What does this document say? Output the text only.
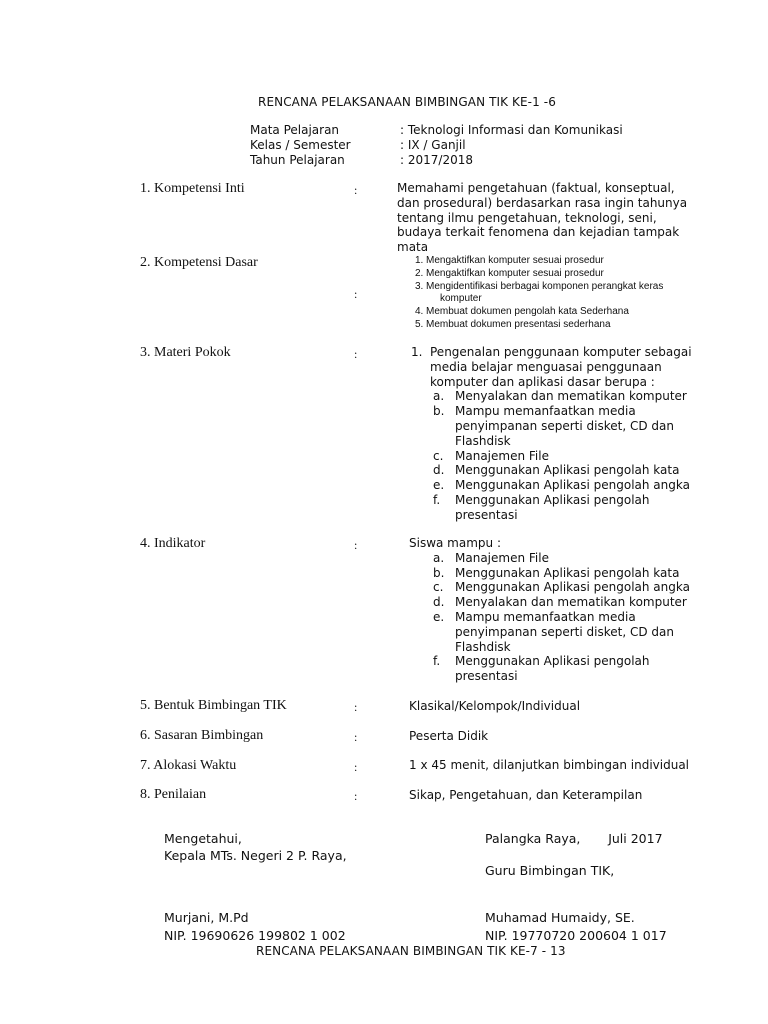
RENCANA PELAKSANAAN BIMBINGAN TIK KE-1 -6
Mata Pelajaran	: Teknologi Informasi dan Komunikasi
Kelas / Semester	: IX / Ganjil
Tahun Pelajaran	: 2017/2018
1. Kompetensi Inti	:	Memahami pengetahuan (faktual, konseptual,
dan prosedural) berdasarkan rasa ingin tahunya
tentang ilmu pengetahuan, teknologi, seni,
budaya terkait fenomena dan kejadian tampak
mata
2. Kompetensi Dasar
:
1. Mengaktifkan komputer sesuai prosedur
2. Mengaktifkan komputer sesuai prosedur
3. Mengidentifikasi berbagai komponen perangkat keras
komputer
4. Membuat dokumen pengolah kata Sederhana
5. Membuat dokumen presentasi sederhana
3. Materi Pokok	:	1. Pengenalan penggunaan komputer sebagai
media belajar menguasai penggunaan
komputer dan aplikasi dasar berupa :
a. Menyalakan dan mematikan komputer
b. Mampu memanfaatkan media
penyimpanan seperti disket, CD dan
Flashdisk
c. Manajemen File
d. Menggunakan Aplikasi pengolah kata
e. Menggunakan Aplikasi pengolah angka
f. Menggunakan Aplikasi pengolah
presentasi
4. Indikator	:	Siswa mampu :
a. Manajemen File
b. Menggunakan Aplikasi pengolah kata
c. Menggunakan Aplikasi pengolah angka
d. Menyalakan dan mematikan komputer
e. Mampu memanfaatkan media
penyimpanan seperti disket, CD dan
Flashdisk
f. Menggunakan Aplikasi pengolah
presentasi
5. Bentuk Bimbingan TIK	:	Klasikal/Kelompok/Individual
6. Sasaran Bimbingan	:	Peserta Didik
7. Alokasi Waktu	:	1 x 45 menit, dilanjutkan bimbingan individual
8. Penilaian	:	Sikap, Pengetahuan, dan Keterampilan
Mengetahui,
Kepala MTs. Negeri 2 P. Raya,
Murjani, M.Pd
NIP. 19690626 199802 1 002
Palangka Raya,       Juli 2017
Guru Bimbingan TIK,
Muhamad Humaidy, SE.
NIP. 19770720 200604 1 017
RENCANA PELAKSANAAN BIMBINGAN TIK KE-7 - 13
